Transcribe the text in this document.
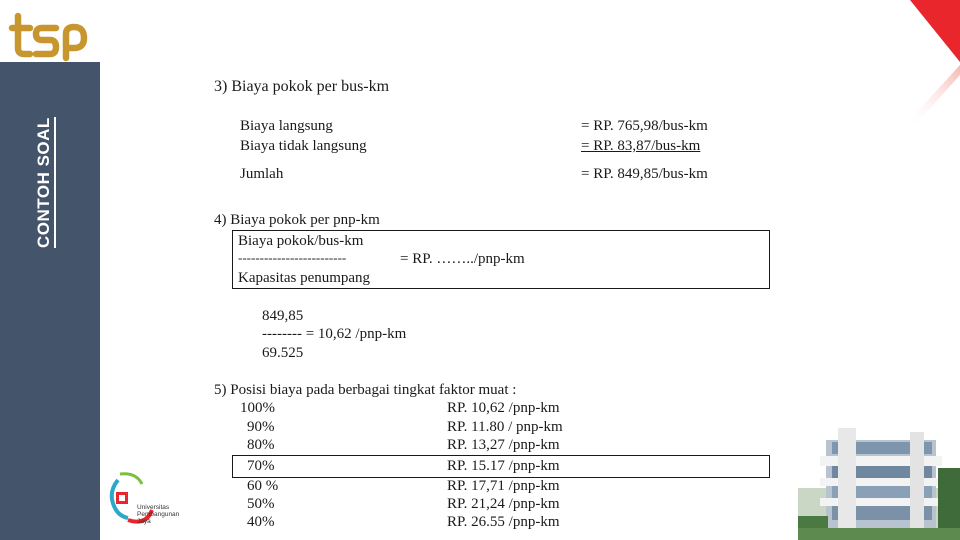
CONTOH SOAL
Universitas
Pembangunan
Jaya
3) Biaya pokok per bus-km
Biaya langsung	= RP. 765,98/bus-km
Biaya tidak langsung	= RP. 83,87/bus-km
Jumlah	= RP. 849,85/bus-km
4) Biaya pokok per pnp-km
Biaya pokok/bus-km
-------------------------
Kapasitas penumpang
= RP. ……../pnp-km
849,85
-------- = 10,62 /pnp-km
69.525
5) Posisi biaya pada berbagai tingkat faktor muat :
100%	RP. 10,62 /pnp-km
90%	RP. 11.80 / pnp-km
80%	RP. 13,27 /pnp-km
70%	RP. 15.17 /pnp-km
60 %	RP. 17,71 /pnp-km
50%	RP. 21,24 /pnp-km
40%	RP. 26.55 /pnp-km
